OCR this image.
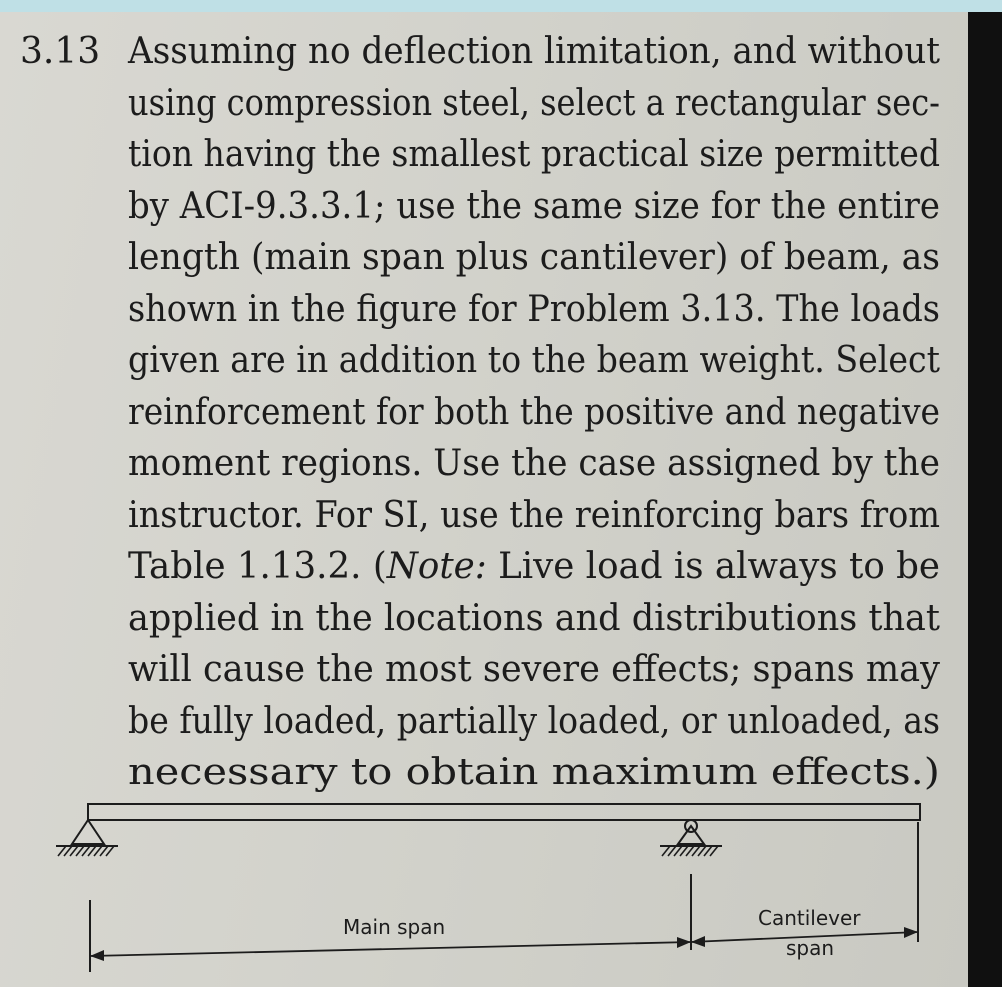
3.13 Assuming no deflection limitation, and without
using compression steel, select a rectangular sec-
tion having the smallest practical size permitted
by ACI-9.3.3.1; use the same size for the entire
length (main span plus cantilever) of beam, as
shown in the figure for Problem 3.13. The loads
given are in addition to the beam weight. Select
reinforcement for both the positive and negative
moment regions. Use the case assigned by the
instructor. For SI, use the reinforcing bars from
Table 1.13.2. (Note: Live load is always to be
applied in the locations and distributions that
will cause the most severe effects; spans may
be fully loaded, partially loaded, or unloaded, as
necessary to obtain maximum effects.)
Main span	Cantilever
span
